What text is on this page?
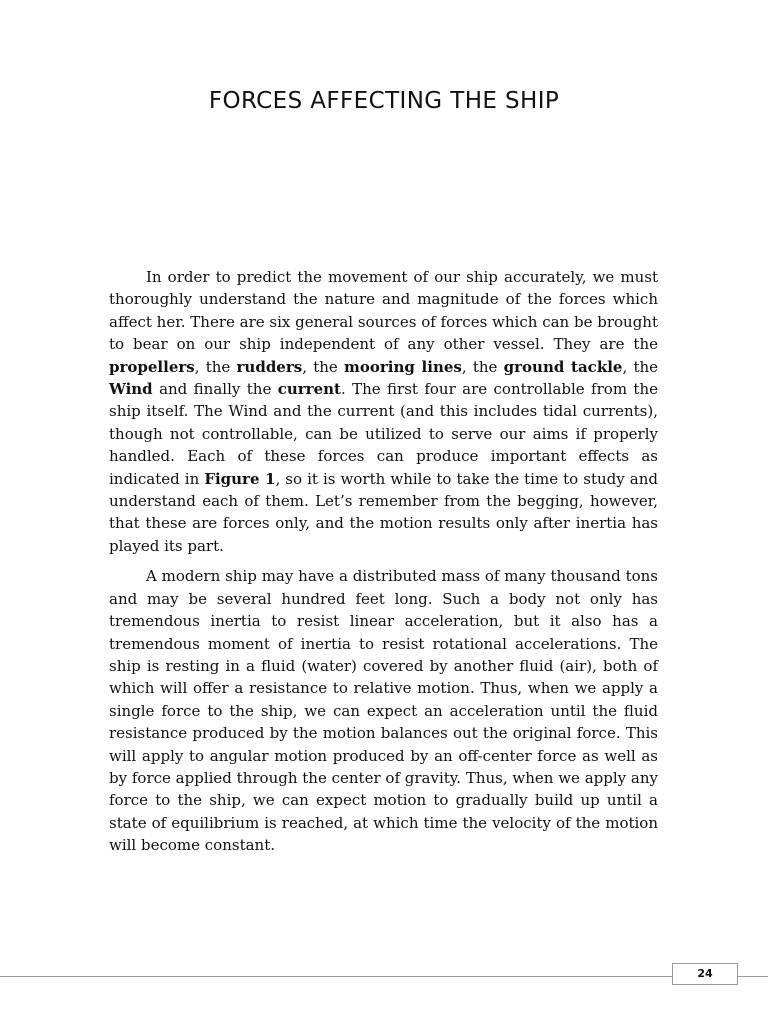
FORCES AFFECTING THE SHIP

In order to predict the movement of our ship accurately, we must thoroughly understand the nature and magnitude of the forces which affect her. There are six general sources of forces which can be brought to bear on our ship independent of any other vessel. They are the propellers, the rudders, the mooring lines, the ground tackle, the Wind and finally the current. The first four are controllable from the ship itself. The Wind and the current (and this includes tidal currents), though not controllable, can be utilized to serve our aims if properly handled. Each of these forces can produce important effects as indicated in Figure 1, so it is worth while to take the time to study and understand each of them. Let’s remember from the begging, however, that these are forces only, and the motion results only after inertia has played its part.

A modern ship may have a distributed mass of many thousand tons and may be several hundred feet long. Such a body not only has tremendous inertia to resist linear acceleration, but it also has a tremendous moment of inertia to resist rotational accelerations. The ship is resting in a fluid (water) covered by another fluid (air), both of which will offer a resistance to relative motion. Thus, when we apply a single force to the ship, we can expect an acceleration until the fluid resistance produced by the motion balances out the original force. This will apply to angular motion produced by an off-center force as well as by force applied through the center of gravity. Thus, when we apply any force to the ship, we can expect motion to gradually build up until a state of equilibrium is reached, at which time the velocity of the motion will become constant.

24
